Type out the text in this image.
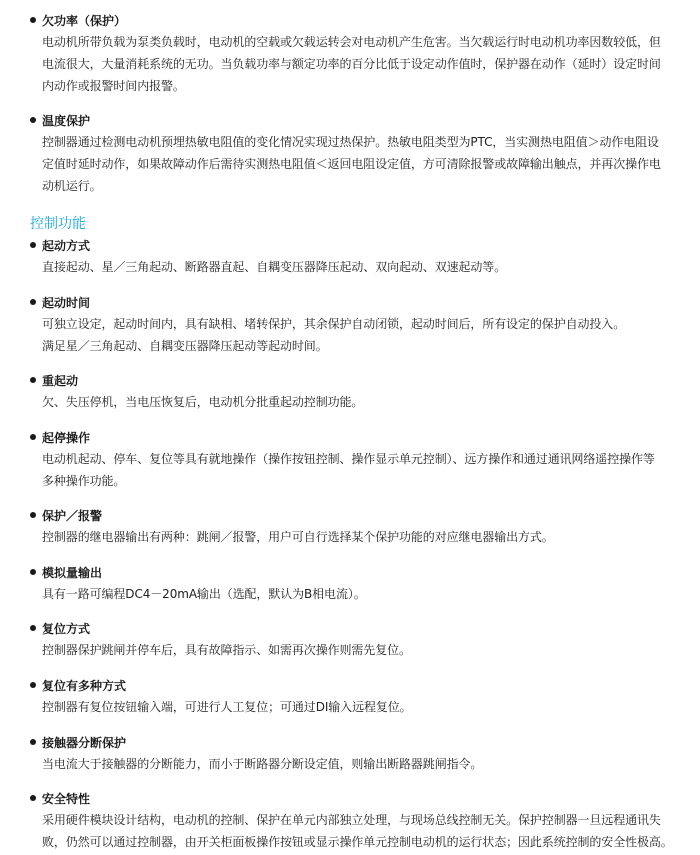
欠功率（保护）
电动机所带负载为泵类负载时，电动机的空载或欠载运转会对电动机产生危害。当欠载运行时电动机功率因数较低，但
电流很大，大量消耗系统的无功。当负载功率与额定功率的百分比低于设定动作值时，保护器在动作（延时）设定时间
内动作或报警时间内报警。
温度保护
控制器通过检测电动机预埋热敏电阻值的变化情况实现过热保护。热敏电阻类型为PTC，当实测热电阻值＞动作电阻设
定值时延时动作，如果故障动作后需待实测热电阻值＜返回电阻设定值，方可清除报警或故障输出触点，并再次操作电
动机运行。
控制功能
起动方式
直接起动、星／三角起动、断路器直起、自耦变压器降压起动、双向起动、双速起动等。
起动时间
可独立设定，起动时间内，具有缺相、堵转保护，其余保护自动闭锁，起动时间后，所有设定的保护自动投入。
满足星／三角起动、自耦变压器降压起动等起动时间。
重起动
欠、失压停机，当电压恢复后，电动机分批重起动控制功能。
起停操作
电动机起动、停车、复位等具有就地操作（操作按钮控制、操作显示单元控制）、远方操作和通过通讯网络遥控操作等
多种操作功能。
保护／报警
控制器的继电器输出有两种：跳闸／报警，用户可自行选择某个保护功能的对应继电器输出方式。
模拟量输出
具有一路可编程DC4－20mA输出（选配，默认为B相电流）。
复位方式
控制器保护跳闸并停车后，具有故障指示、如需再次操作则需先复位。
复位有多种方式
控制器有复位按钮输入端，可进行人工复位；可通过DI输入远程复位。
接触器分断保护
当电流大于接触器的分断能力，而小于断路器分断设定值，则输出断路器跳闸指令。
安全特性
采用硬件模块设计结构，电动机的控制、保护在单元内部独立处理，与现场总线控制无关。保护控制器一旦远程通讯失
败，仍然可以通过控制器，由开关柜面板操作按钮或显示操作单元控制电动机的运行状态；因此系统控制的安全性极高。
